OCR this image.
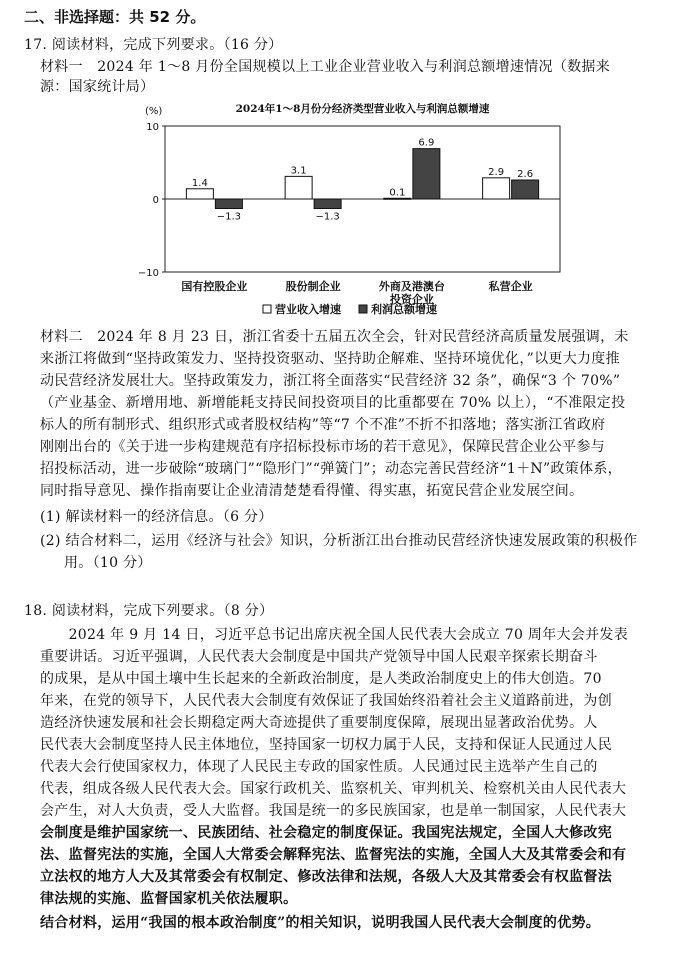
二、非选择题：共 52 分。
17. 阅读材料，完成下列要求。（16 分）
材料一　2024 年 1～8 月份全国规模以上工业企业营业收入与利润总额增速情况（数据来
源：国家统计局）
2024年1～8月份分经济类型营业收入与利润总额增速
(%)
10
0
−10
1.4
−1.3
国有控股企业
3.1
−1.3
股份制企业
0.1
6.9
外商及港澳台
投资企业
2.9 2.6
私营企业
营业收入增速	利润总额增速
材料二　2024 年 8 月 23 日，浙江省委十五届五次全会，针对民营经济高质量发展强调，未
来浙江将做到“坚持政策发力、坚持投资驱动、坚持助企解难、坚持环境优化，”以更大力度推
动民营经济发展壮大。坚持政策发力，浙江将全面落实“民营经济 32 条”，确保“3 个 70%”
（产业基金、新增用地、新增能耗支持民间投资项目的比重都要在 70% 以上），“不准限定投
标人的所有制形式、组织形式或者股权结构”等“7 个不准”不折不扣落地；落实浙江省政府
刚刚出台的《关于进一步构建规范有序招标投标市场的若干意见》，保障民营企业公平参与
招投标活动，进一步破除“玻璃门”“隐形门”“弹簧门”；动态完善民营经济“1＋N”政策体系，
同时指导意见、操作指南要让企业清清楚楚看得懂、得实惠，拓宽民营企业发展空间。
(1) 解读材料一的经济信息。（6 分）
(2) 结合材料二，运用《经济与社会》知识，分析浙江出台推动民营经济快速发展政策的积极作
用。（10 分）
18. 阅读材料，完成下列要求。（8 分）
　　2024 年 9 月 14 日，习近平总书记出席庆祝全国人民代表大会成立 70 周年大会并发表
重要讲话。习近平强调，人民代表大会制度是中国共产党领导中国人民艰辛探索长期奋斗
的成果，是从中国土壤中生长起来的全新政治制度，是人类政治制度史上的伟大创造。70
年来，在党的领导下，人民代表大会制度有效保证了我国始终沿着社会主义道路前进，为创
造经济快速发展和社会长期稳定两大奇迹提供了重要制度保障，展现出显著政治优势。人
民代表大会制度坚持人民主体地位，坚持国家一切权力属于人民，支持和保证人民通过人民
代表大会行使国家权力，体现了人民民主专政的国家性质。人民通过民主选举产生自己的
代表，组成各级人民代表大会。国家行政机关、监察机关、审判机关、检察机关由人民代表大
会产生，对人大负责，受人大监督。我国是统一的多民族国家，也是单一制国家，人民代表大
会制度是维护国家统一、民族团结、社会稳定的制度保证。我国宪法规定，全国人大修改宪
法、监督宪法的实施，全国人大常委会解释宪法、监督宪法的实施，全国人大及其常委会和有
立法权的地方人大及其常委会有权制定、修改法律和法规，各级人大及其常委会有权监督法
律法规的实施、监督国家机关依法履职。
结合材料，运用“我国的根本政治制度”的相关知识，说明我国人民代表大会制度的优势。
